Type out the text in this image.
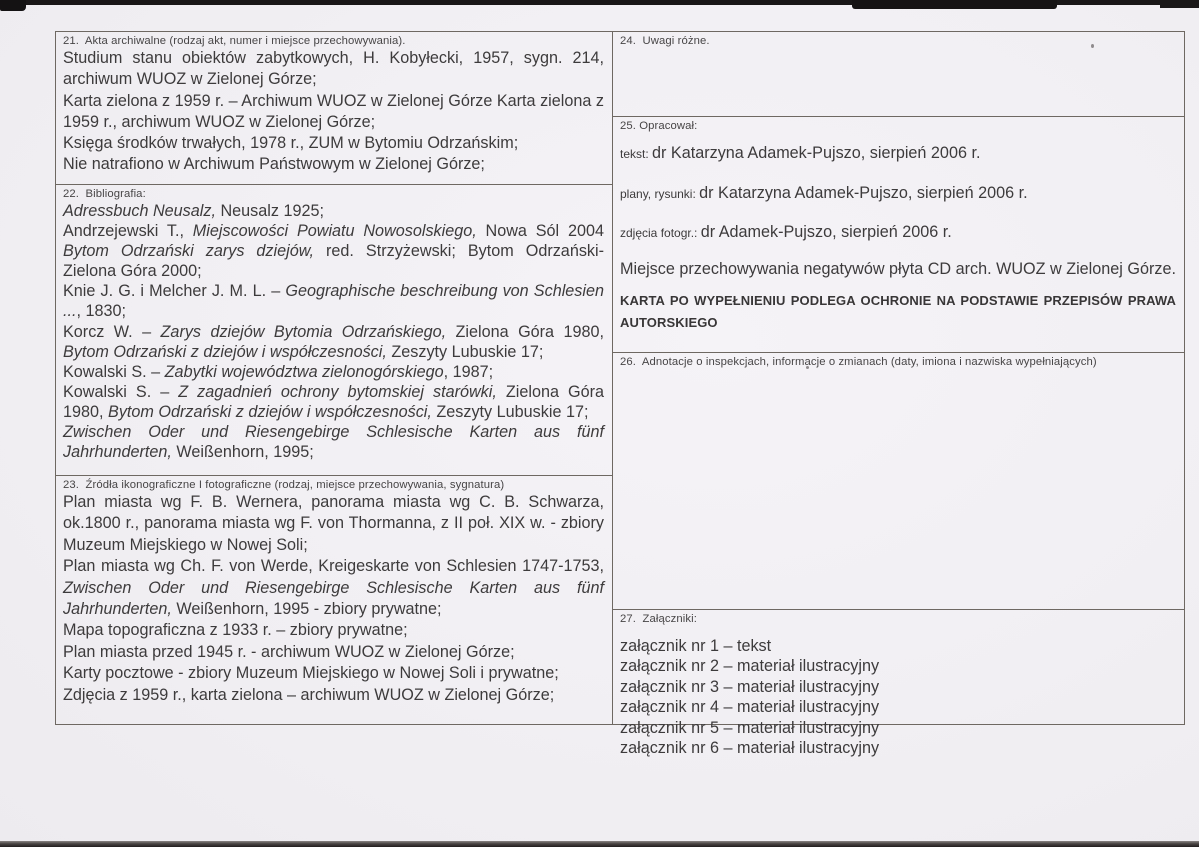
21.  Akta archiwalne (rodzaj akt, numer i miejsce przechowywania).

Studium stanu obiektów zabytkowych, H. Kobyłecki, 1957, sygn. 214, archiwum WUOZ w Zielonej Górze;

Karta zielona z 1959 r. – Archiwum WUOZ w Zielonej Górze Karta zielona z 1959 r., archiwum WUOZ w Zielonej Górze;

Księga środków trwałych, 1978 r., ZUM w Bytomiu Odrzańskim;

Nie natrafiono w Archiwum Państwowym w Zielonej Górze;

22.  Bibliografia:

Adressbuch Neusalz, Neusalz 1925;

Andrzejewski T., Miejscowości Powiatu Nowosolskiego, Nowa Sól 2004 Bytom Odrzański zarys dziejów, red. Strzyżewski; Bytom Odrzański-Zielona Góra 2000;

Knie J. G. i Melcher J. M. L. – Geographische beschreibung von Schlesien ..., 1830;

Korcz W. – Zarys dziejów Bytomia Odrzańskiego, Zielona Góra 1980, Bytom Odrzański z dziejów i współczesności, Zeszyty Lubuskie 17;

Kowalski S. – Zabytki województwa zielonogórskiego, 1987;

Kowalski S. – Z zagadnień ochrony bytomskiej starówki, Zielona Góra 1980, Bytom Odrzański z dziejów i współczesności, Zeszyty Lubuskie 17;

Zwischen Oder und Riesengebirge Schlesische Karten aus fünf Jahrhunderten, Weißenhorn, 1995;

23.  Źródła ikonograficzne I fotograficzne (rodzaj, miejsce przechowywania, sygnatura)

Plan miasta wg F. B. Wernera, panorama miasta wg C. B. Schwarza, ok.1800 r., panorama miasta wg F. von Thormanna, z II poł. XIX w. - zbiory Muzeum Miejskiego w Nowej Soli;

Plan miasta wg Ch. F. von Werde, Kreigeskarte von Schlesien 1747-1753, Zwischen Oder und Riesengebirge Schlesische Karten aus fünf Jahrhunderten, Weißenhorn, 1995 - zbiory prywatne;

Mapa topograficzna z 1933 r. – zbiory prywatne;

Plan miasta przed 1945 r. - archiwum WUOZ w Zielonej Górze;

Karty pocztowe - zbiory Muzeum Miejskiego w Nowej Soli i prywatne;

Zdjęcia z 1959 r., karta zielona – archiwum WUOZ w Zielonej Górze;

24.  Uwagi różne.
25. Opracował:

tekst: dr Katarzyna Adamek-Pujszo, sierpień 2006 r.

plany, rysunki: dr Katarzyna Adamek-Pujszo, sierpień 2006 r.

zdjęcia fotogr.: dr Adamek-Pujszo, sierpień 2006 r.

Miejsce przechowywania negatywów płyta CD arch. WUOZ w Zielonej Górze.

KARTA PO WYPEŁNIENIU PODLEGA OCHRONIE NA PODSTAWIE PRZEPISÓW PRAWA AUTORSKIEGO

26.  Adnotacje o inspekcjach, informacje o zmianach (daty, imiona i nazwiska wypełniających)
27.  Załączniki:

załącznik nr 1 – tekst

załącznik nr 2 – materiał ilustracyjny

załącznik nr 3 – materiał ilustracyjny

załącznik nr 4 – materiał ilustracyjny

załącznik nr 5 – materiał ilustracyjny

załącznik nr 6 – materiał ilustracyjny
